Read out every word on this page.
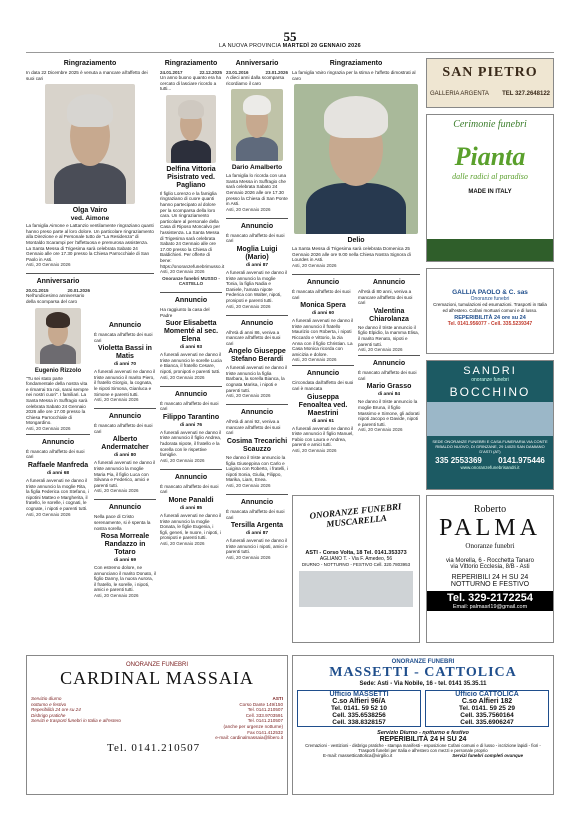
55
LA NUOVA PROVINCIA MARTEDÌ 20 GENNAIO 2026
Ringraziamento
In data 22 Dicembre 2025 è venuta a mancare all'affetto dei suoi cari
Olga Vairo
ved. Aimone
La famiglia Aimone e Lattanzio ventilamente ringraziano quanti hanno preso parte al loro dolore. Un particolare ringraziamento alla Direzione e al Personale tutto de "La Residenza" di Montaldo Scarampi per l'affettuosa e premurosa assistenza. La Santa Messa di Trigesima sarà celebrata Sabato 24 Gennaio alle ore 17.30 presso la Chiesa Parrocchiale di San Paolo in Asti.
Asti, 20 Gennaio 2026
Anniversario
20.01.2015	20.01.2026
Nell'undicesimo anniversario della scomparsa del caro
Eugenio Rizzolo
"Tu sei stato parte fondamentale della nostra vita e rimarrai tra noi, sarai sempre nei nostri cuori". I familiari. La Santa Messa in Suffragio sarà celebrata Sabato 24 Gennaio 2026 alle ore 17.00 presso la Chiesa Parrocchiale di Mongardino.
Asti, 20 Gennaio 2026
Annuncio
È mancato all'affetto dei suoi cari
Raffaele Manfreda
di anni 68
A funerali avvenuti ne danno il triste annuncio la moglie Rita, la figlia Federica con Stefano, i nipotini Matteo e Margherita, il fratello, le sorelle, i cognati, le cognate, i nipoti e parenti tutti.
Asti, 20 Gennaio 2026
Annuncio
È mancata all'affetto dei suoi cari
Violetta Bassi in Matis
di anni 70
A funerali avvenuti ne danno il triste annuncio il marito Piero, il fratello Giorgio, la cognata, le nipoti Simona, Gianluca e Simone e parenti tutti.
Asti, 20 Gennaio 2026
Annuncio
È mancato all'affetto dei suoi cari
Alberto Andermatcher
di anni 80
A funerali avvenuti ne danno il triste annuncio la moglie Maria Pia, il figlio Luca con Silvana e Federico, amici e parenti tutti.
Asti, 20 Gennaio 2026
Annuncio
Nella pace di Cristo serenamente, si è spenta la nostra sorella
Rosa Morreale Randazzo in Totaro
di anni 69
Con estremo dolore, ne annunciano il marito Donato, il figlio Danny, la nuora Aurora, il fratello, le sorelle, i nipoti, amici e parenti tutti.
Asti, 20 Gennaio 2026
Ringraziamento
24.01.2017	22.12.2025
Un anno buono quanto era ha cercato di lasciare ricordo a tutti...
Delfina Vittoria Pisistrato ved. Pagliano
Il figlio Lorenzo e la famiglia ringraziano di cuore quanti hanno partecipato al dolore per la scomparsa della loro cara. Un ringraziamento particolare al personale della Casa di Riposo Moncalvo per l'assistenza. La Santa Messa di Trigesima sarà celebrata Sabato 24 Gennaio alle ore 17.00 presso la Chiesa di Baldichieri. Per offerte di bene: https://onoranzefunebrimusso.it
Asti, 20 Gennaio 2026
Onoranze funebri MUSSO - CASTELLO
Annuncio
Ha raggiunto la casa del Padre
Suor Elisabetta Momenté al sec. Elena
di anni 93
A funerali avvenuti ne danno il triste annuncio le sorelle Lucia e Bianca, il fratello Cesare, nipoti, pronipoti e parenti tutti.
Asti, 20 Gennaio 2026
Annuncio
È mancato all'affetto dei suoi cari
Filippo Tarantino
di anni 76
A funerali avvenuti ne danno il triste annuncio il figlio Andrea, l'adorata nipote, il fratello e la sorella con le rispettive famiglie.
Asti, 20 Gennaio 2026
Annuncio
È mancato all'affetto dei suoi cari
Mone Panaldi
di anni 85
A funerali avvenuti ne danno il triste annuncio la moglie Donata, le figlie Eugenia, i figli, generi, le nuore, i nipoti, i pronipoti e parenti tutti.
Asti, 20 Gennaio 2026
Anniversario
23.01.2016	23.01.2026
A dieci anni dalla scomparsa ricordiamo il caro
Dario Amalberto
La famiglia lo ricorda con una Santa Messa in Suffragio che sarà celebrata Sabato 24 Gennaio 2026 alle ore 17.30 presso la Chiesa di San Ponte in Asti.
Asti, 20 Gennaio 2026
Annuncio
È mancato all'affetto dei suoi cari
Moglia Luigi (Mario)
di anni 87
A funerali avvenuti ne danno il triste annuncio la moglie Tonia, la figlia Nadia e Daniele, l'amata nipote Federica con Walter, nipoti, pronipoti e parenti tutti.
Asti, 20 Gennaio 2026
Annuncio
All'età di anni 86, veniva a mancare all'affetto dei suoi cari
Angelo Giuseppe Stefano Berardi
A funerali avvenuti ne danno il triste annuncio la figlia Barbara, la sorella Bianca, la cognata Marisa, i nipoti e parenti tutti.
Asti, 20 Gennaio 2026
Annuncio
All'età di anni 92, veniva a mancare all'affetto dei suoi cari
Cosima Trecarichi Scauzzo
Ne danno il triste annuncio la figlia Giuseppina con Carlo e Luigina con Roberto, i fratelli, i nipoti Sonia, Giulia, Filippo, Marika, Liam, Enea.
Asti, 20 Gennaio 2026
Annuncio
È mancata all'affetto dei suoi cari
Tersilla Argenta
di anni 87
A funerali avvenuti ne danno il triste annuncio i nipoti, amici e parenti tutti.
Asti, 20 Gennaio 2026
Ringraziamento
La famiglia Vairo ringrazia per la stima e l'affetto dimostrati al caro
Delio
La Santa Messa di Trigesima sarà celebrata Domenica 25 Gennaio 2026 alle ore 9.00 nella Chiesa Nostra Signora di Lourdes in Asti.
Asti, 20 Gennaio 2026
Annuncio
È mancata all'affetto dei suoi cari
Monica Spera
di anni 60
A funerali avvenuti ne danno il triste annuncio il fratello Maurizio con Roberta, i nipoti Riccardo e Vittorio, la zia Anna con il figlio Christian. La Casa Monica ricorda con amicizia e dolore.
Asti, 20 Gennaio 2026
Annuncio
Circondata dall'affetto dei suoi cari è mancata
Giuseppa Fenoaltea ved. Maestrini
di anni 61
A funerali avvenuti ne danno il triste annuncio il figlio Manuel, Fabio con Laura e Andrea, parenti e amici tutti.
Asti, 20 Gennaio 2026
Annuncio
All'età di 80 anni, veniva a mancare all'affetto dei suoi cari
Valentina Chiarolanza
Ne danno il triste annuncio il figlio Elpidio, la mamma Elisa, il marito Renato, nipoti e parenti tutti.
Asti, 20 Gennaio 2026
Annuncio
È mancato all'affetto dei suoi cari
Mario Grasso
di anni 84
Ne danno il triste annuncio la moglie Bruna, il figlio Massimo e Simone, gli adorati nipoti Jacopo e Davide, nipoti e parenti tutti.
Asti, 20 Gennaio 2026
SAN PIETRO
GALLERIA ARGENTA TEL 327.2648122
Cerimonie funebri
Pianta
dalle radici al paradiso
MADE IN ITALY
GALLIA PAOLO & C. sas
Onoranze funebri
Cremazioni, tumulazioni ed esumazioni. Trasporti in Italia ed all'estero. Cofani mortuari comuni e di lusso.
REPERIBILITÀ 24 ore su 24
Tel. 0141.956077 - Cell. 335.5239347
SANDRI
onoranze funebri
BOCCHINO
SEDE ONORANZE FUNEBRI E CASA FUNERARIA VIA CONTE RIBALDO NUOVO, DI GRINZANE, 29 14025 SAN DAMIANO D'ASTI (AT)
335 2553369 0141.975446
www.onoranzefunebrisandri.it
ONORANZE FUNEBRI MUSCARELLA
ASTI - Corso Volta, 18 Tel. 0141.353373
AGLIANO T. - Via F. Amedeo, 56
DIURNO - NOTTURNO - FESTIVO Cell. 320.7803953
Roberto
PALMA
Onoranze funebri
via Morella, 6 - Rocchetta Tanaro
via Vittorio Ecclesia, 8/B - Asti
REPERIBILI 24 H SU 24
NOTTURNO E FESTIVO
Tel. 329-2172254
Email: palmasrl19@gmail.com
ONORANZE FUNEBRI
CARDINAL MASSAIA
Servizio diurno
notturno e festivo
Reperibilità 24 ore su 24
Disbrigo pratiche
Servizi e trasporti funebri in Italia e all'estero
Tel. 0141.210507
ASTI
Corso Dante 149/150
Tel. 0141.210507
Cell. 333.9703591
Tel. 0141.210507
(anche per urgenze notturne)
Fax 0141.412532
e-mail: cardinalmassaia@libero.it
ONORANZE FUNEBRI
MASSETTI - CATTOLICA
Sede: Asti - Via Nobile, 16 - tel. 0141 35.35.11
Ufficio MASSETTI
C.so Alfieri 96/A
Tel. 0141. 59 52 10
Cell. 335.6538256
Cell. 338.8328157
Ufficio CATTOLICA
C.so Alfieri 182
Tel. 0141. 59 25 29
Cell. 335.7560164
Cell. 335.6906247
Servizio Diurno - notturno e festivo
REPERIBILITÀ 24 H SU 24
Cremazioni - vestizioni - disbrigo pratiche - stampa manifesti - esposizione Cofani comuni e di lusso - iscrizione lapidi - fiori - Trasporti funebri per Italia e all'estero con mezzi e personale proprio
E-mail: massetticattolica@virgilio.it	Servizi funebri completi ovunque
